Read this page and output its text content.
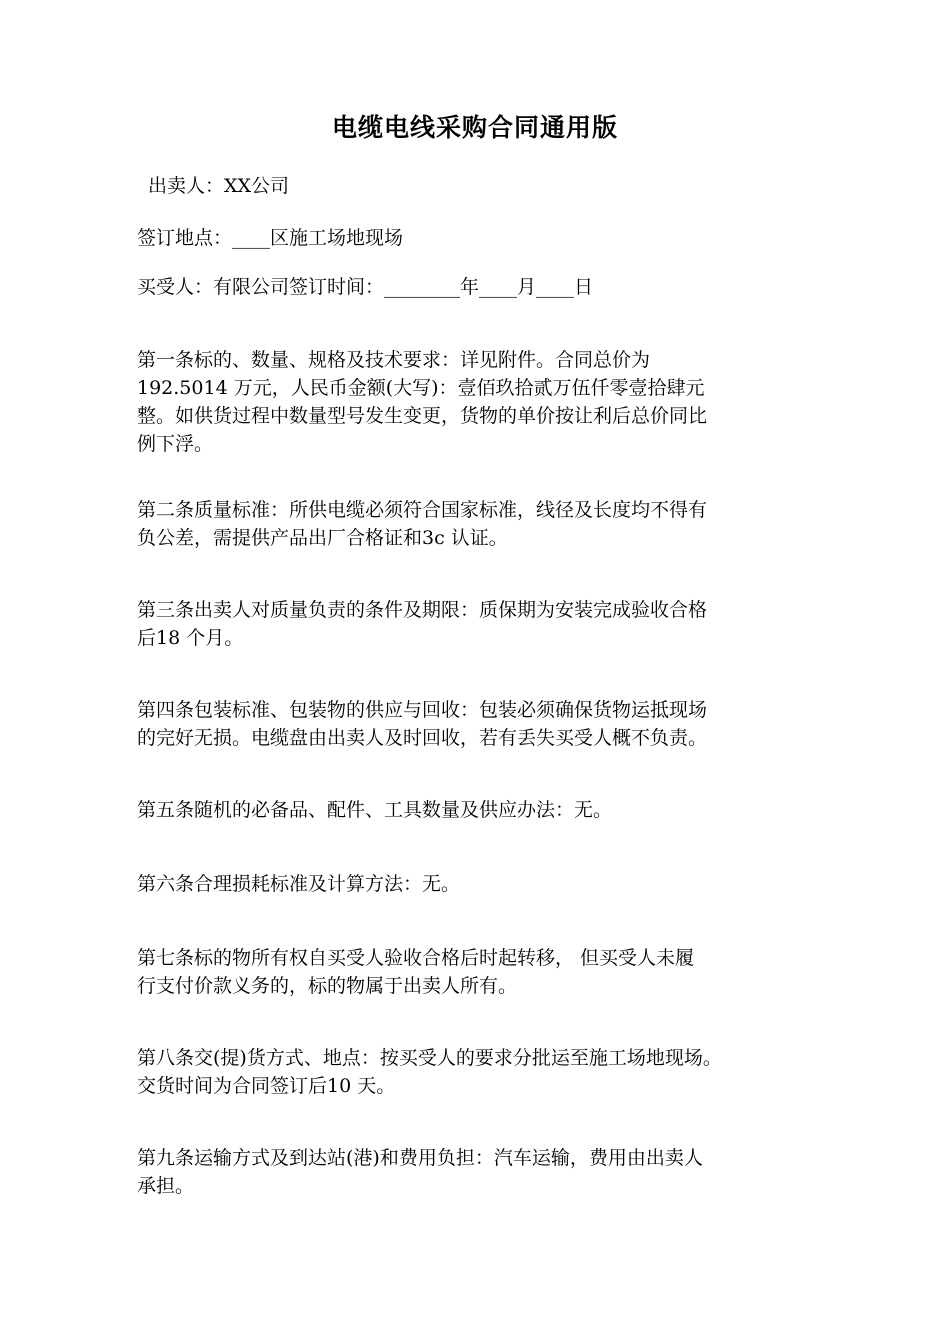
电缆电线采购合同通用版
出卖人：XX公司
签订地点：____区施工场地现场
买受人：有限公司签订时间：________年____月____日
第一条标的、数量、规格及技术要求：详见附件。合同总价为
192.5014 万元，人民币金额(大写)：壹佰玖拾贰万伍仟零壹拾肆元
整。如供货过程中数量型号发生变更，货物的单价按让利后总价同比
例下浮。
第二条质量标准：所供电缆必须符合国家标准，线径及长度均不得有
负公差，需提供产品出厂合格证和3c 认证。
第三条出卖人对质量负责的条件及期限：质保期为安装完成验收合格
后18 个月。
第四条包装标准、包装物的供应与回收：包装必须确保货物运抵现场
的完好无损。电缆盘由出卖人及时回收，若有丢失买受人概不负责。
第五条随机的必备品、配件、工具数量及供应办法：无。
第六条合理损耗标准及计算方法：无。
第七条标的物所有权自买受人验收合格后时起转移， 但买受人未履
行支付价款义务的，标的物属于出卖人所有。
第八条交(提)货方式、地点：按买受人的要求分批运至施工场地现场。
交货时间为合同签订后10 天。
第九条运输方式及到达站(港)和费用负担：汽车运输，费用由出卖人
承担。
